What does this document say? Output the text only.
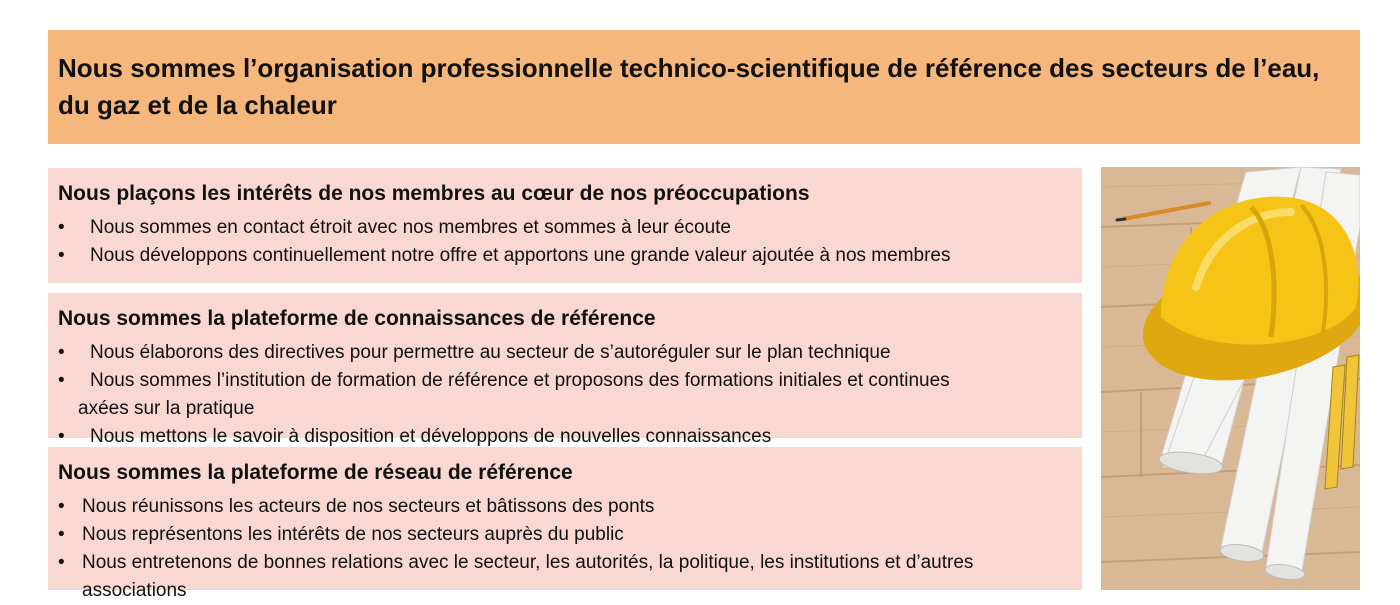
Nous sommes l’organisation professionnelle technico-scientifique de référence des secteurs de l’eau, du gaz et de la chaleur
Nous plaçons les intérêts de nos membres au cœur de nos préoccupations
• Nous sommes en contact étroit avec nos membres et sommes à leur écoute
• Nous développons continuellement notre offre et apportons une grande valeur ajoutée à nos membres
Nous sommes la plateforme de connaissances de référence
• Nous élaborons des directives pour permettre au secteur de s’autoréguler sur le plan technique
• Nous sommes l’institution de formation de référence et proposons des formations initiales et continues
axées sur la pratique
• Nous mettons le savoir à disposition et développons de nouvelles connaissances
Nous sommes la plateforme de réseau de référence
• Nous réunissons les acteurs de nos secteurs et bâtissons des ponts
• Nous représentons les intérêts de nos secteurs auprès du public
• Nous entretenons de bonnes relations avec le secteur, les autorités, la politique, les institutions et d’autres associations
